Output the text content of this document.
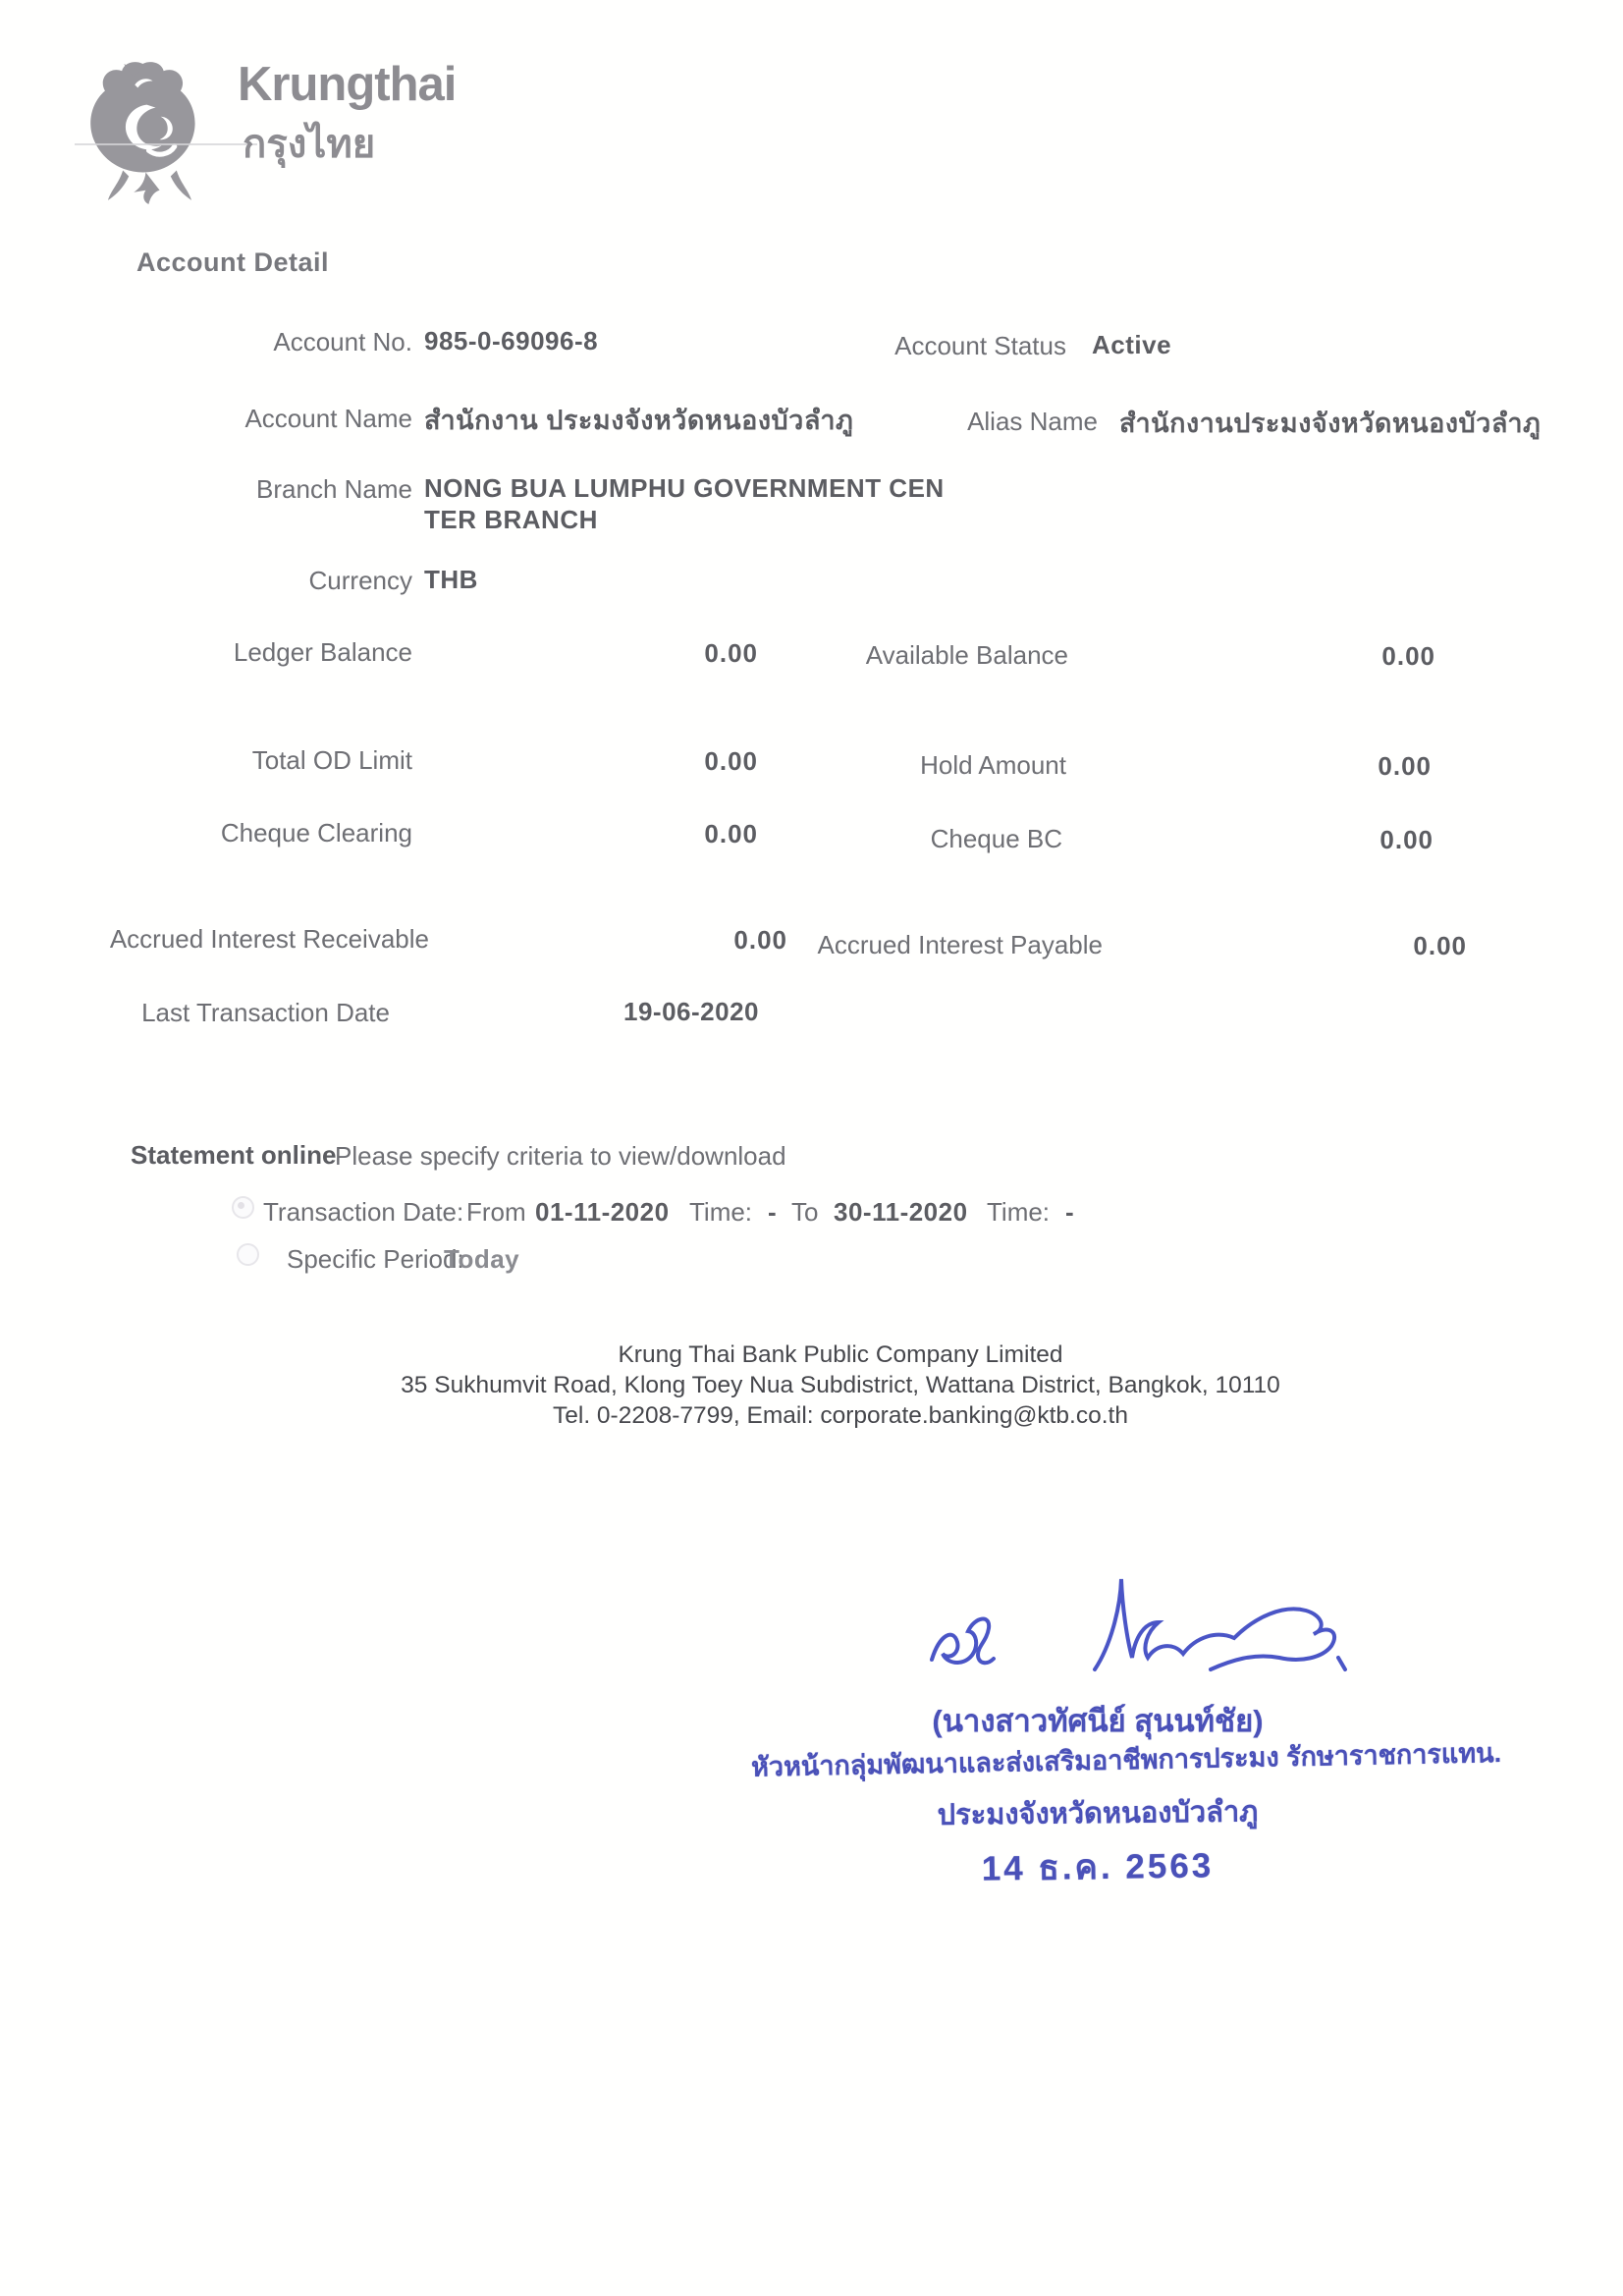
Krungthai
กรุงไทย
Account Detail
Account No. 985-0-69096-8	Account Status Active
Account Name สำนักงาน ประมงจังหวัดหนองบัวลำภู	Alias Name สำนักงานประมงจังหวัดหนองบัวลำภู
Branch Name NONG BUA LUMPHU GOVERNMENT CEN
TER BRANCH
Currency THB
Ledger Balance	0.00	Available Balance	0.00
Total OD Limit	0.00	Hold Amount	0.00
Cheque Clearing	0.00	Cheque BC	0.00
Accrued Interest Receivable	0.00 Accrued Interest Payable	0.00
Last Transaction Date	19-06-2020
Statement online
Please specify criteria to view/download
Transaction Date: From 01-11-2020 Time: - To 30-11-2020 Time: -
Specific Period:
Today
Krung Thai Bank Public Company Limited
35 Sukhumvit Road, Klong Toey Nua Subdistrict, Wattana District, Bangkok, 10110
Tel. 0-2208-7799, Email: corporate.banking@ktb.co.th
(นางสาวทัศนีย์ สุนนท์ชัย)
หัวหน้ากลุ่มพัฒนาและส่งเสริมอาชีพการประมง รักษาราชการแทน.
ประมงจังหวัดหนองบัวลำภู
14 ธ.ค. 2563
